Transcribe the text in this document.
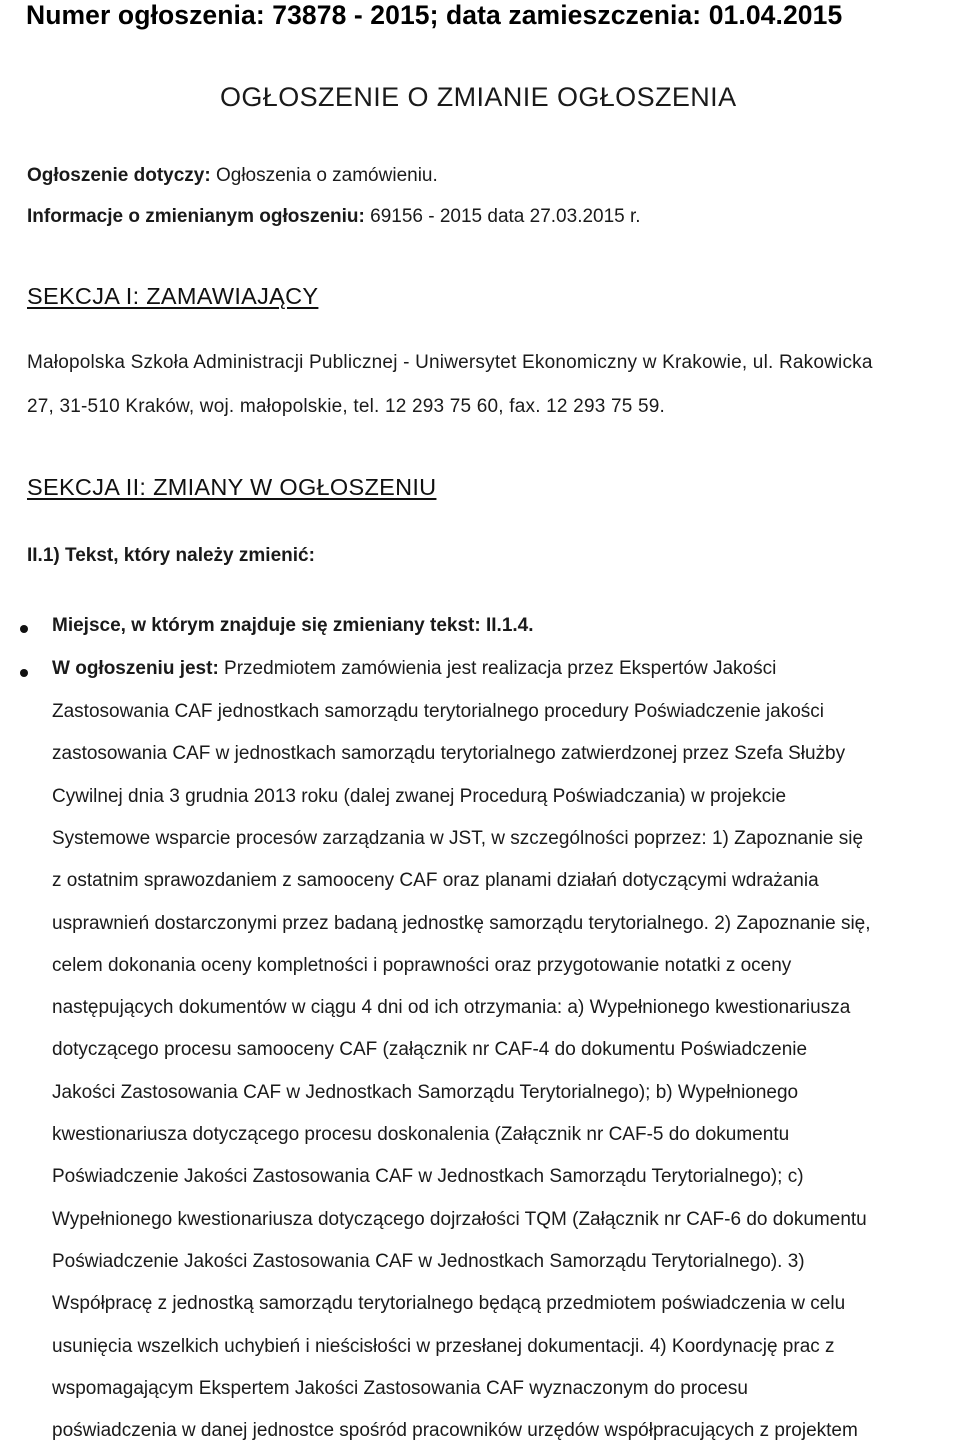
Numer ogłoszenia: 73878 - 2015; data zamieszczenia: 01.04.2015
OGŁOSZENIE O ZMIANIE OGŁOSZENIA
Ogłoszenie dotyczy: Ogłoszenia o zamówieniu.
Informacje o zmienianym ogłoszeniu: 69156 - 2015 data 27.03.2015 r.
SEKCJA I: ZAMAWIAJĄCY
Małopolska Szkoła Administracji Publicznej - Uniwersytet Ekonomiczny w Krakowie, ul. Rakowicka
27, 31-510 Kraków, woj. małopolskie, tel. 12 293 75 60, fax. 12 293 75 59.
SEKCJA II: ZMIANY W OGŁOSZENIU
II.1) Tekst, który należy zmienić:
Miejsce, w którym znajduje się zmieniany tekst: II.1.4.
W ogłoszeniu jest: Przedmiotem zamówienia jest realizacja przez Ekspertów Jakości
Zastosowania CAF jednostkach samorządu terytorialnego procedury Poświadczenie jakości
zastosowania CAF w jednostkach samorządu terytorialnego zatwierdzonej przez Szefa Służby
Cywilnej dnia 3 grudnia 2013 roku (dalej zwanej Procedurą Poświadczania) w projekcie
Systemowe wsparcie procesów zarządzania w JST, w szczególności poprzez: 1) Zapoznanie się
z ostatnim sprawozdaniem z samooceny CAF oraz planami działań dotyczącymi wdrażania
usprawnień dostarczonymi przez badaną jednostkę samorządu terytorialnego. 2) Zapoznanie się,
celem dokonania oceny kompletności i poprawności oraz przygotowanie notatki z oceny
następujących dokumentów w ciągu 4 dni od ich otrzymania: a) Wypełnionego kwestionariusza
dotyczącego procesu samooceny CAF (załącznik nr CAF-4 do dokumentu Poświadczenie
Jakości Zastosowania CAF w Jednostkach Samorządu Terytorialnego); b) Wypełnionego
kwestionariusza dotyczącego procesu doskonalenia (Załącznik nr CAF-5 do dokumentu
Poświadczenie Jakości Zastosowania CAF w Jednostkach Samorządu Terytorialnego); c)
Wypełnionego kwestionariusza dotyczącego dojrzałości TQM (Załącznik nr CAF-6 do dokumentu
Poświadczenie Jakości Zastosowania CAF w Jednostkach Samorządu Terytorialnego). 3)
Współpracę z jednostką samorządu terytorialnego będącą przedmiotem poświadczenia w celu
usunięcia wszelkich uchybień i nieścisłości w przesłanej dokumentacji. 4) Koordynację prac z
wspomagającym Ekspertem Jakości Zastosowania CAF wyznaczonym do procesu
poświadczenia w danej jednostce spośród pracowników urzędów współpracujących z projektem
